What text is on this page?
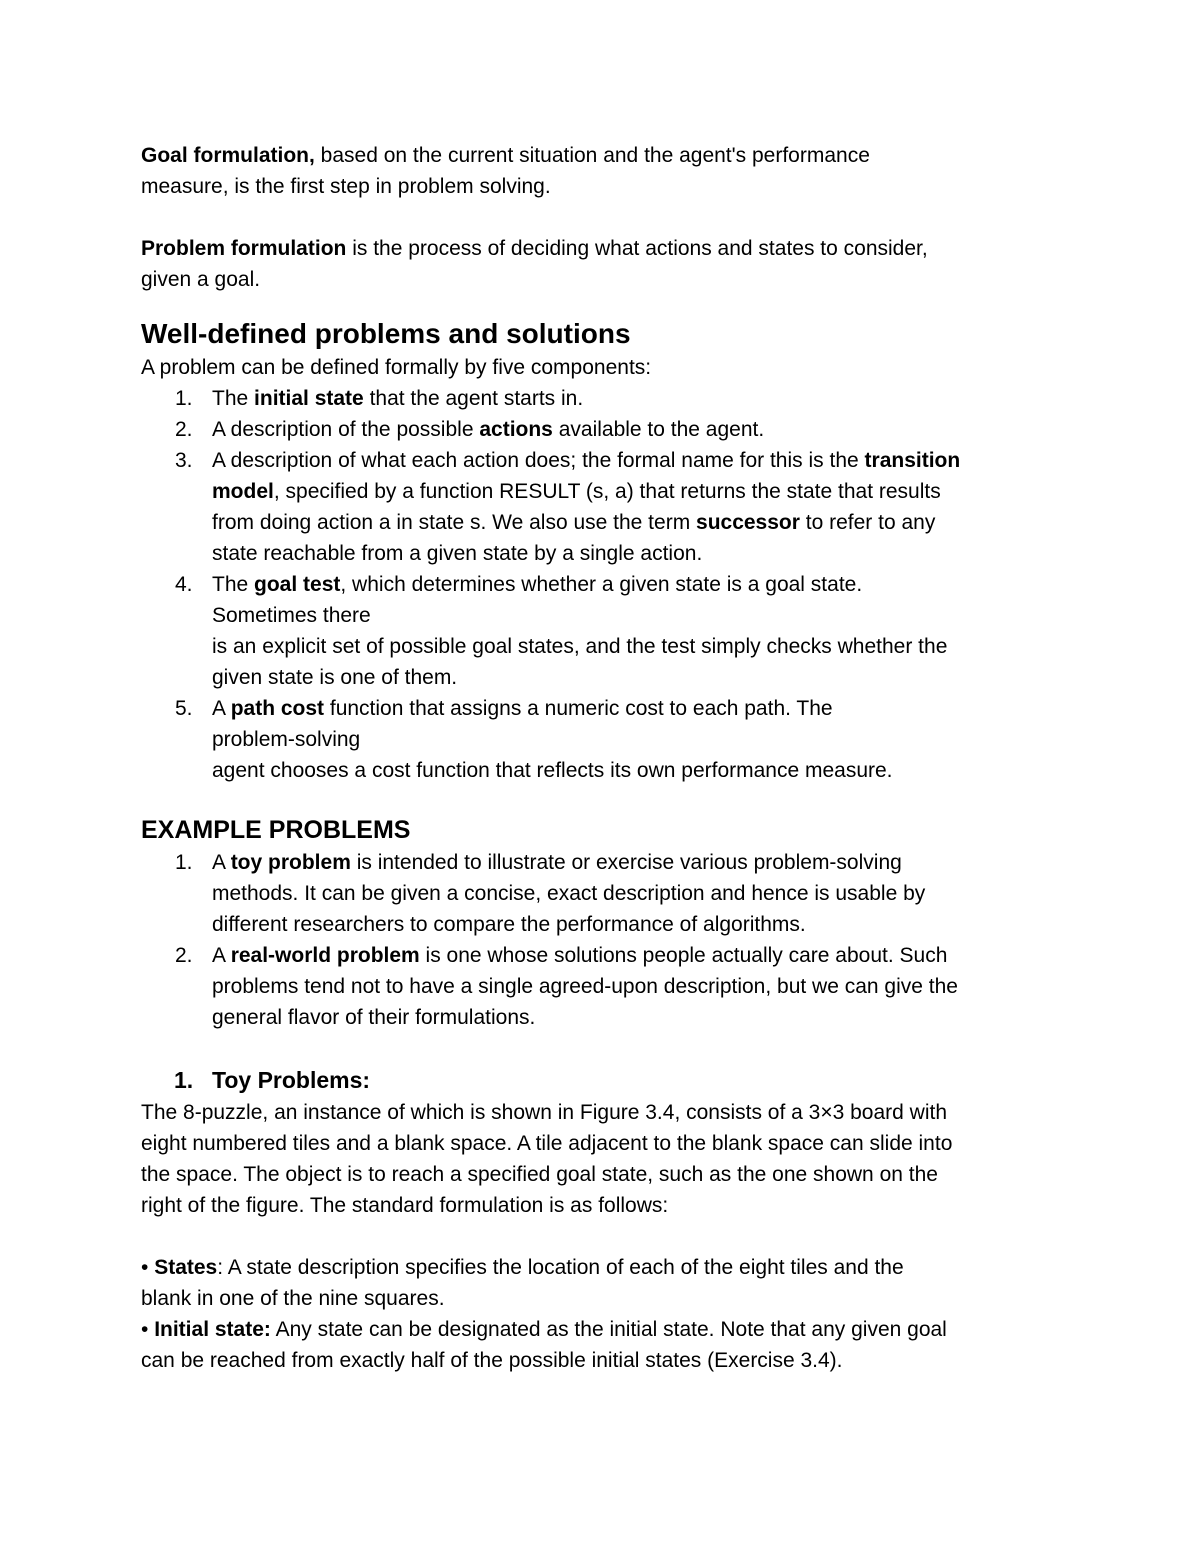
Goal formulation, based on the current situation and the agent's performance

measure, is the first step in problem solving.

Problem formulation is the process of deciding what actions and states to consider,

given a goal.

Well-defined problems and solutions

A problem can be defined formally by five components:

1. The initial state that the agent starts in.

2. A description of the possible actions available to the agent.

3. A description of what each action does; the formal name for this is the transition

model, specified by a function RESULT (s, a) that returns the state that results

from doing action a in state s. We also use the term successor to refer to any

state reachable from a given state by a single action.

4. The goal test, which determines whether a given state is a goal state.

Sometimes there

is an explicit set of possible goal states, and the test simply checks whether the

given state is one of them.

5. A path cost function that assigns a numeric cost to each path. The

problem-solving

agent chooses a cost function that reflects its own performance measure.

EXAMPLE PROBLEMS
1. A toy problem is intended to illustrate or exercise various problem-solving

methods. It can be given a concise, exact description and hence is usable by

different researchers to compare the performance of algorithms.

2. A real-world problem is one whose solutions people actually care about. Such

problems tend not to have a single agreed-upon description, but we can give the

general flavor of their formulations.

1. Toy Problems:

The 8-puzzle, an instance of which is shown in Figure 3.4, consists of a 3×3 board with

eight numbered tiles and a blank space. A tile adjacent to the blank space can slide into

the space. The object is to reach a specified goal state, such as the one shown on the

right of the figure. The standard formulation is as follows:

• States: A state description specifies the location of each of the eight tiles and the

blank in one of the nine squares.

• Initial state: Any state can be designated as the initial state. Note that any given goal

can be reached from exactly half of the possible initial states (Exercise 3.4).
